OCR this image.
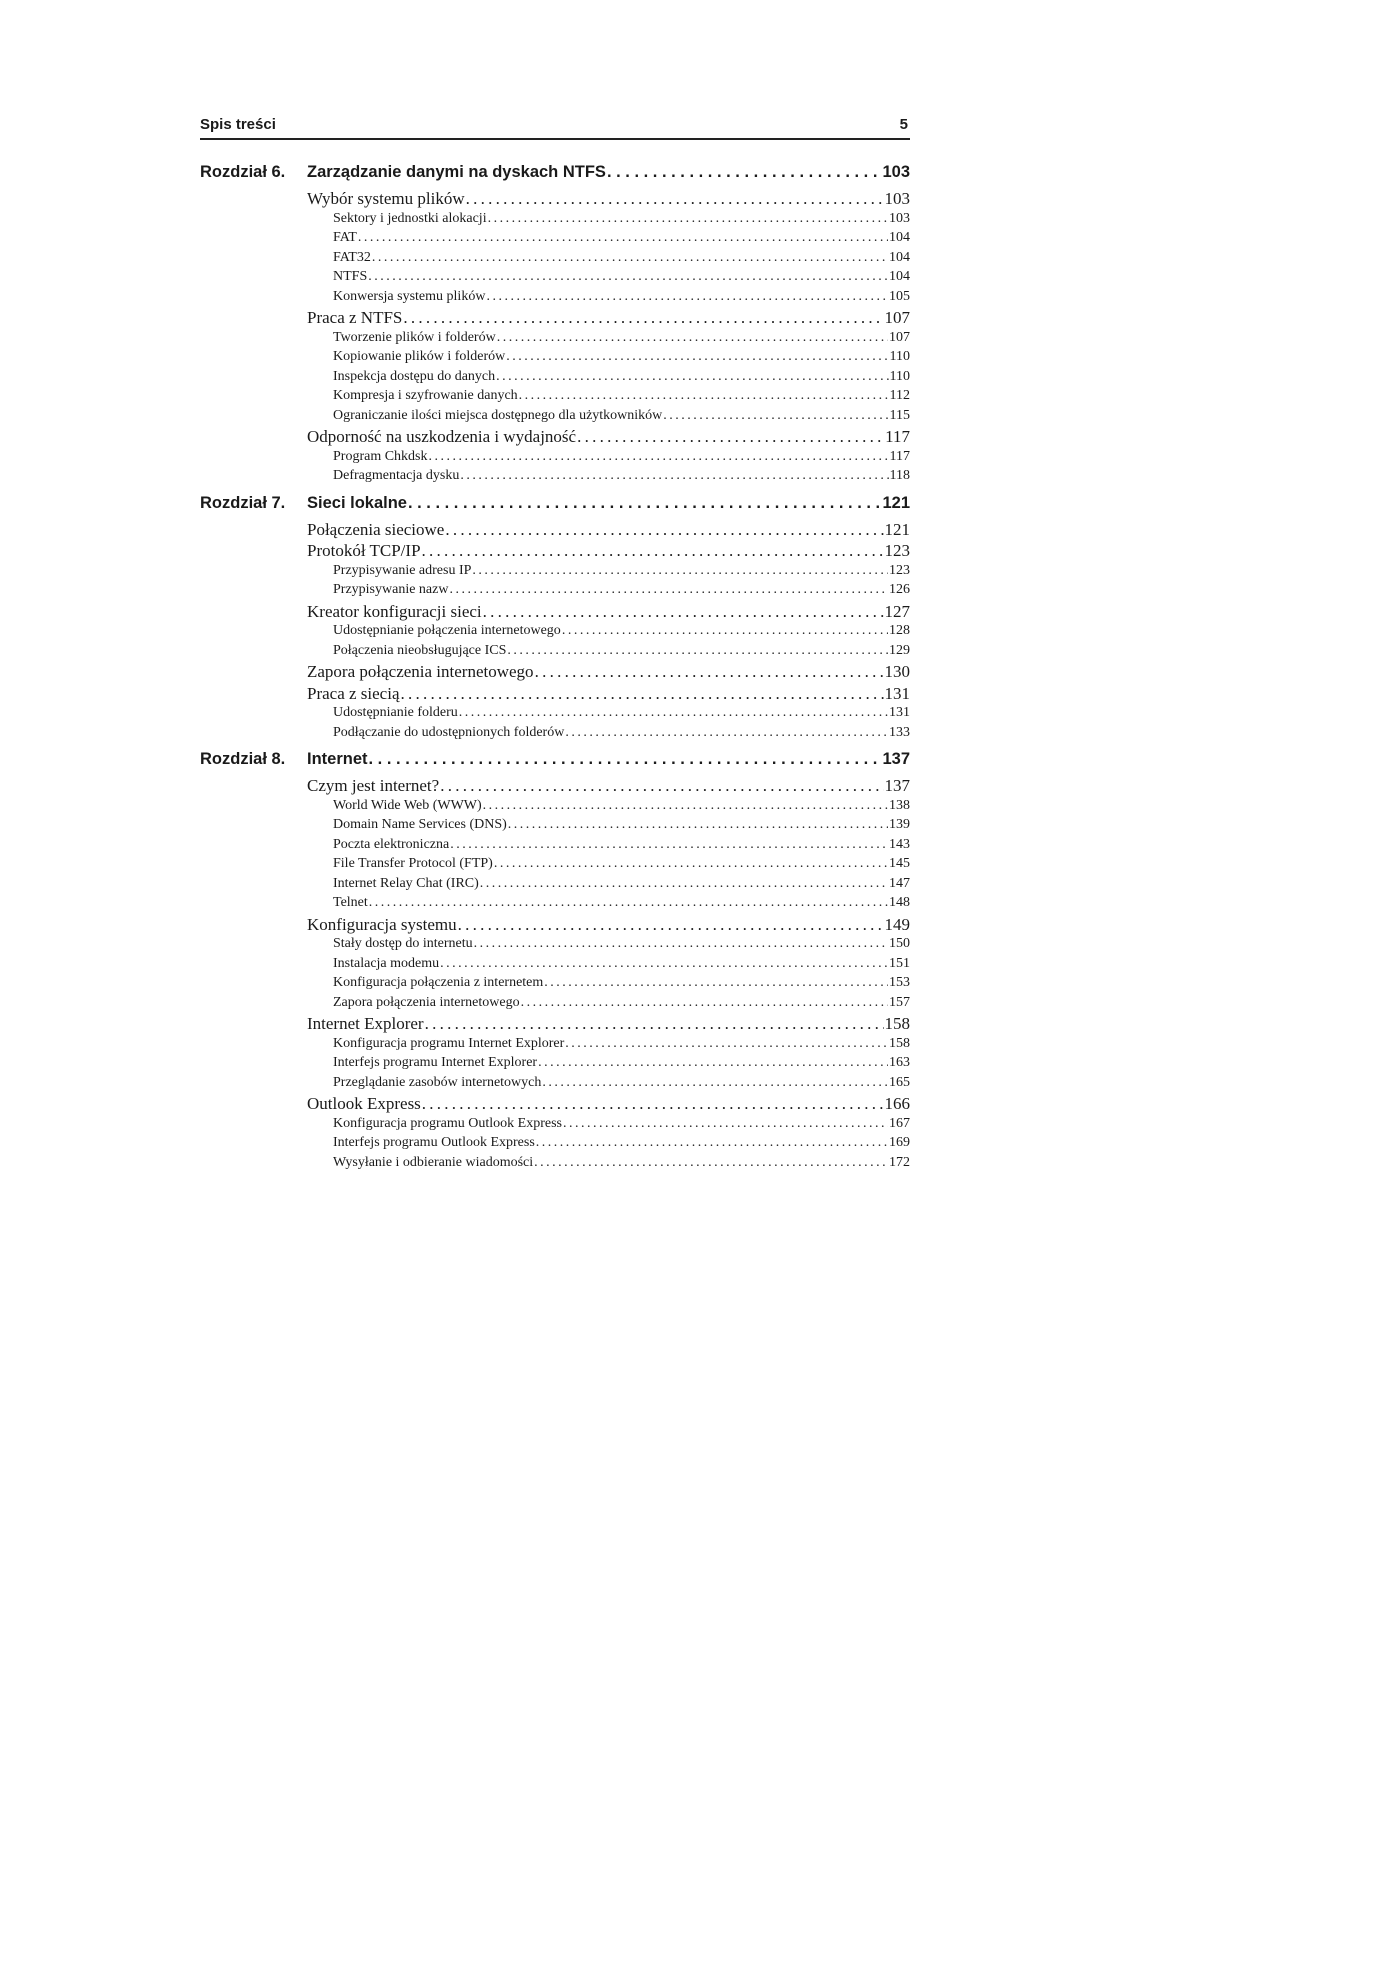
Spis treści	5
Rozdział 6.	Zarządzanie danymi na dyskach NTFS . . .	103
Wybór systemu plików . . .	103
Sektory i jednostki alokacji . . .	103
FAT . . .	104
FAT32 . . .	104
NTFS . . .	104
Konwersja systemu plików . . .	105
Praca z NTFS . . .	107
Tworzenie plików i folderów . . .	107
Kopiowanie plików i folderów . . .	110
Inspekcja dostępu do danych . . .	110
Kompresja i szyfrowanie danych . . .	112
Ograniczanie ilości miejsca dostępnego dla użytkowników . . .	115
Odporność na uszkodzenia i wydajność . . .	117
Program Chkdsk . . .	117
Defragmentacja dysku . . .	118
Rozdział 7.	Sieci lokalne . . .	121
Połączenia sieciowe . . .	121
Protokół TCP/IP . . .	123
Przypisywanie adresu IP . . .	123
Przypisywanie nazw . . .	126
Kreator konfiguracji sieci . . .	127
Udostępnianie połączenia internetowego . . .	128
Połączenia nieobsługujące ICS . . .	129
Zapora połączenia internetowego . . .	130
Praca z siecią . . .	131
Udostępnianie folderu . . .	131
Podłączanie do udostępnionych folderów . . .	133
Rozdział 8.	Internet . . .	137
Czym jest internet? . . .	137
World Wide Web (WWW) . . .	138
Domain Name Services (DNS) . . .	139
Poczta elektroniczna . . .	143
File Transfer Protocol (FTP) . . .	145
Internet Relay Chat (IRC) . . .	147
Telnet . . .	148
Konfiguracja systemu . . .	149
Stały dostęp do internetu . . .	150
Instalacja modemu . . .	151
Konfiguracja połączenia z internetem . . .	153
Zapora połączenia internetowego . . .	157
Internet Explorer . . .	158
Konfiguracja programu Internet Explorer . . .	158
Interfejs programu Internet Explorer . . .	163
Przeglądanie zasobów internetowych . . .	165
Outlook Express . . .	166
Konfiguracja programu Outlook Express . . .	167
Interfejs programu Outlook Express . . .	169
Wysyłanie i odbieranie wiadomości . . .	172
